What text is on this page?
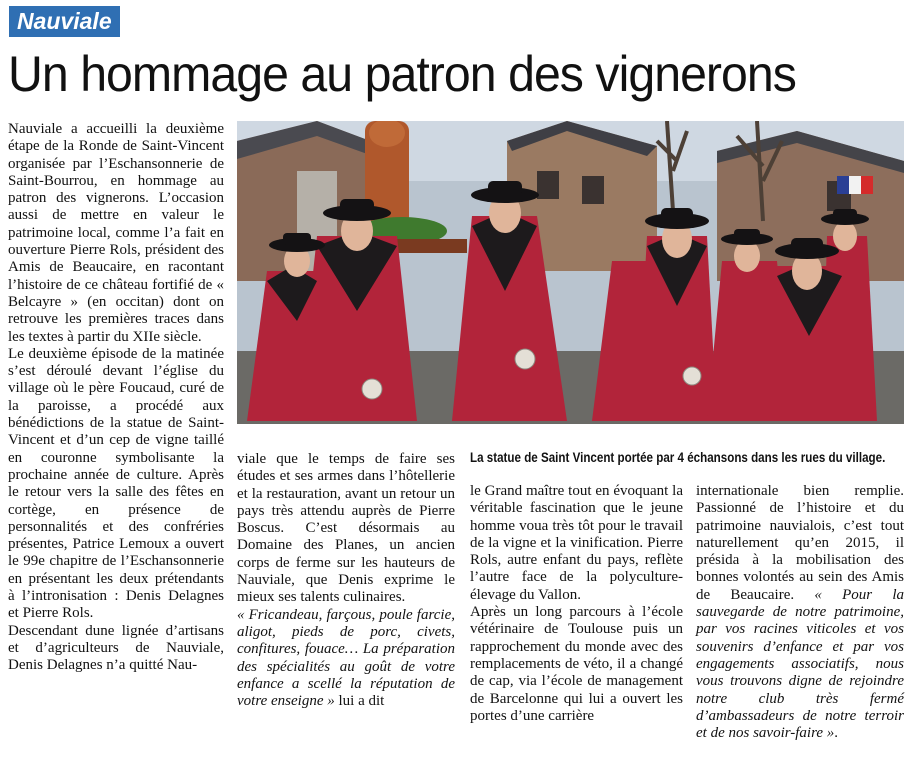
Nauviale
Un hommage au patron des vignerons

Nauviale a accueilli la deuxième étape de la Ronde de Saint-Vincent organisée par l’Eschansonnerie de Saint-Bourrou, en hommage au patron des vignerons. L’occasion aussi de mettre en valeur le patrimoine local, comme l’a fait en ouverture Pierre Rols, président des Amis de Beaucaire, en racontant l’histoire de ce château fortifié de « Belcayre » (en occitan) dont on retrouve les premières traces dans les textes à partir du XIIe siècle.

Le deuxième épisode de la matinée s’est déroulé devant l’église du village où le père Foucaud, curé de la paroisse, a procédé aux bénédictions de la statue de Saint-Vincent et d’un cep de vigne taillé en couronne symbolisante la prochaine année de culture. Après le retour vers la salle des fêtes en cortège, en présence de personnalités et des confréries présentes, Patrice Lemoux a ouvert le 99e chapitre de l’Eschansonnerie en présentant les deux prétendants à l’intronisation : Denis Delagnes et Pierre Rols.

Descendant dune lignée d’artisans et d’agriculteurs de Nauviale, Denis Delagnes n’a quitté Nau-

La statue de Saint Vincent portée par 4 échansons dans les rues du village.

viale que le temps de faire ses études et ses armes dans l’hôtellerie et la restauration, avant un retour un pays très attendu auprès de Pierre Boscus. C’est désormais au Domaine des Planes, un ancien corps de ferme sur les hauteurs de Nauviale, que Denis exprime le mieux ses talents culinaires.

« Fricandeau, farçous, poule farcie, aligot, pieds de porc, civets, confitures, fouace… La préparation des spécialités au goût de votre enfance a scellé la réputation de votre enseigne » lui a dit

le Grand maître tout en évoquant la véritable fascination que le jeune homme voua très tôt pour le travail de la vigne et la vinification. Pierre Rols, autre enfant du pays, reflète l’autre face de la polyculture-élevage du Vallon.

Après un long parcours à l’école vétérinaire de Toulouse puis un rapprochement du monde avec des remplacements de véto, il a changé de cap, via l’école de management de Barcelonne qui lui a ouvert les portes d’une carrière

internationale bien remplie. Passionné de l’histoire et du patrimoine nauvialois, c’est tout naturellement qu’en 2015, il présida à la mobilisation des bonnes volontés au sein des Amis de Beaucaire. « Pour la sauvegarde de notre patrimoine, par vos racines viticoles et vos souvenirs d’enfance et par vos engagements associatifs, nous vous trouvons digne de rejoindre notre club très fermé d’ambassadeurs de notre terroir et de nos savoir-faire ».
